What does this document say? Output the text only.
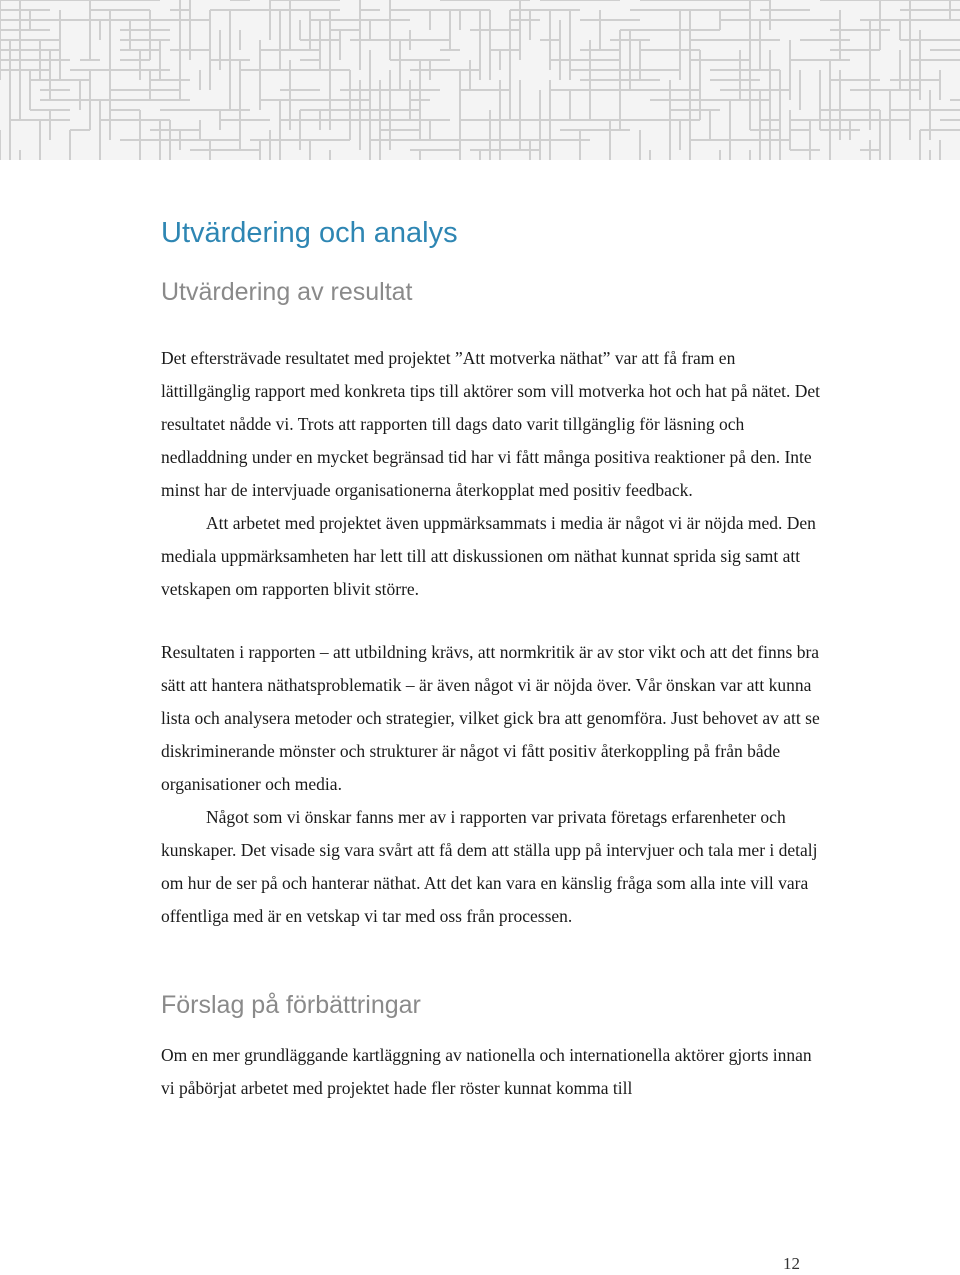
Utvärdering och analys
Utvärdering av resultat

Det eftersträvade resultatet med projektet ”Att motverka näthat” var att få fram en lättillgänglig rapport med konkreta tips till aktörer som vill motverka hot och hat på nätet. Det resultatet nådde vi. Trots att rapporten till dags dato varit tillgänglig för läsning och nedladdning under en mycket begränsad tid har vi fått många positiva reaktioner på den. Inte minst har de intervjuade organisationerna återkopplat med positiv feedback.

Att arbetet med projektet även uppmärksammats i media är något vi är nöjda med. Den mediala uppmärksamheten har lett till att diskussionen om näthat kunnat sprida sig samt att vetskapen om rapporten blivit större.

Resultaten i rapporten – att utbildning krävs, att normkritik är av stor vikt och att det finns bra sätt att hantera näthatsproblematik – är även något vi är nöjda över. Vår önskan var att kunna lista och analysera metoder och strategier, vilket gick bra att genomföra. Just behovet av att se diskriminerande mönster och strukturer är något vi fått positiv återkoppling på från både organisationer och media.

Något som vi önskar fanns mer av i rapporten var privata företags erfarenheter och kunskaper. Det visade sig vara svårt att få dem att ställa upp på intervjuer och tala mer i detalj om hur de ser på och hanterar näthat. Att det kan vara en känslig fråga som alla inte vill vara offentliga med är en vetskap vi tar med oss från processen.

Förslag på förbättringar

Om en mer grundläggande kartläggning av nationella och internationella aktörer gjorts innan vi påbörjat arbetet med projektet hade fler röster kunnat komma till

12
